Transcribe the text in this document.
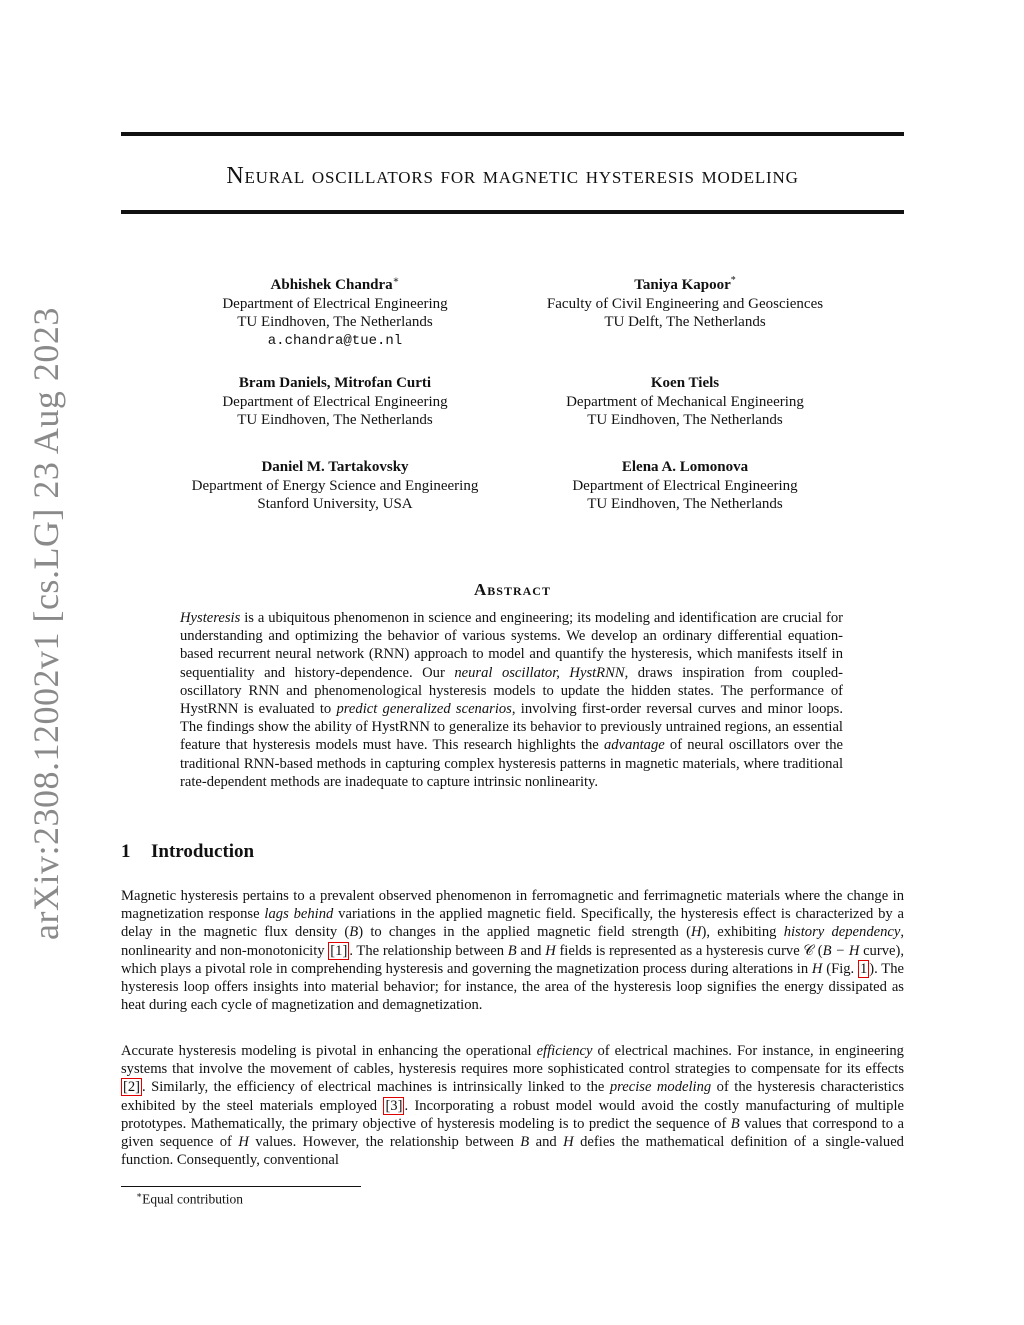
arXiv:2308.12002v1 [cs.LG] 23 Aug 2023
Neural oscillators for magnetic hysteresis modeling
Abhishek Chandra∗
Department of Electrical Engineering
TU Eindhoven, The Netherlands
a.chandra@tue.nl
Taniya Kapoor*
Faculty of Civil Engineering and Geosciences
TU Delft, The Netherlands
Bram Daniels, Mitrofan Curti
Department of Electrical Engineering
TU Eindhoven, The Netherlands
Koen Tiels
Department of Mechanical Engineering
TU Eindhoven, The Netherlands
Daniel M. Tartakovsky
Department of Energy Science and Engineering
Stanford University, USA
Elena A. Lomonova
Department of Electrical Engineering
TU Eindhoven, The Netherlands
Abstract
Hysteresis is a ubiquitous phenomenon in science and engineering; its modeling and identification are crucial for understanding and optimizing the behavior of various systems. We develop an ordinary differential equation-based recurrent neural network (RNN) approach to model and quantify the hysteresis, which manifests itself in sequentiality and history-dependence. Our neural oscillator, HystRNN, draws inspiration from coupled-oscillatory RNN and phenomenological hysteresis models to update the hidden states. The performance of HystRNN is evaluated to predict generalized scenarios, involving first-order reversal curves and minor loops. The findings show the ability of HystRNN to generalize its behavior to previously untrained regions, an essential feature that hysteresis models must have. This research highlights the advantage of neural oscillators over the traditional RNN-based methods in capturing complex hysteresis patterns in magnetic materials, where traditional rate-dependent methods are inadequate to capture intrinsic nonlinearity.
1 Introduction

Magnetic hysteresis pertains to a prevalent observed phenomenon in ferromagnetic and ferrimagnetic materials where the change in magnetization response lags behind variations in the applied magnetic field. Specifically, the hysteresis effect is characterized by a delay in the magnetic flux density (B) to changes in the applied magnetic field strength (H), exhibiting history dependency, nonlinearity and non-monotonicity [1] . The relationship between B and H fields is represented as a hysteresis curve 𝒞 (B − H curve), which plays a pivotal role in comprehending hysteresis and governing the magnetization process during alterations in H (Fig. 1 ). The hysteresis loop offers insights into material behavior; for instance, the area of the hysteresis loop signifies the energy dissipated as heat during each cycle of magnetization and demagnetization.

Accurate hysteresis modeling is pivotal in enhancing the operational efficiency of electrical machines. For instance, in engineering systems that involve the movement of cables, hysteresis requires more sophisticated control strategies to compensate for its effects [2] . Similarly, the efficiency of electrical machines is intrinsically linked to the precise modeling of the hysteresis characteristics exhibited by the steel materials employed [3] . Incorporating a robust model would avoid the costly manufacturing of multiple prototypes. Mathematically, the primary objective of hysteresis modeling is to predict the sequence of B values that correspond to a given sequence of H values. However, the relationship between B and H defies the mathematical definition of a single-valued function. Consequently, conventional

∗Equal contribution
